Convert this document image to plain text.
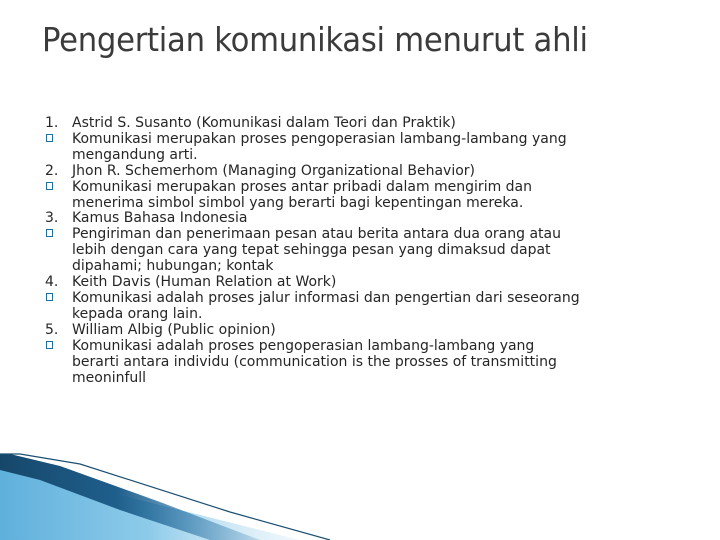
Pengertian komunikasi menurut ahli
1. Astrid S. Susanto (Komunikasi dalam Teori dan Praktik)
Komunikasi merupakan proses pengoperasian lambang-lambang yang
mengandung arti.
2. Jhon R. Schemerhom (Managing Organizational Behavior)
Komunikasi merupakan proses antar pribadi dalam mengirim dan
menerima simbol simbol yang berarti bagi kepentingan mereka.
3. Kamus Bahasa Indonesia
Pengiriman dan penerimaan pesan atau berita antara dua orang atau
lebih dengan cara yang tepat sehingga pesan yang dimaksud dapat
dipahami; hubungan; kontak
4. Keith Davis (Human Relation at Work)
Komunikasi adalah proses jalur informasi dan pengertian dari seseorang
kepada orang lain.
5. William Albig (Public opinion)
Komunikasi adalah proses pengoperasian lambang-lambang yang
berarti antara individu (communication is the prosses of transmitting
meoninfull
